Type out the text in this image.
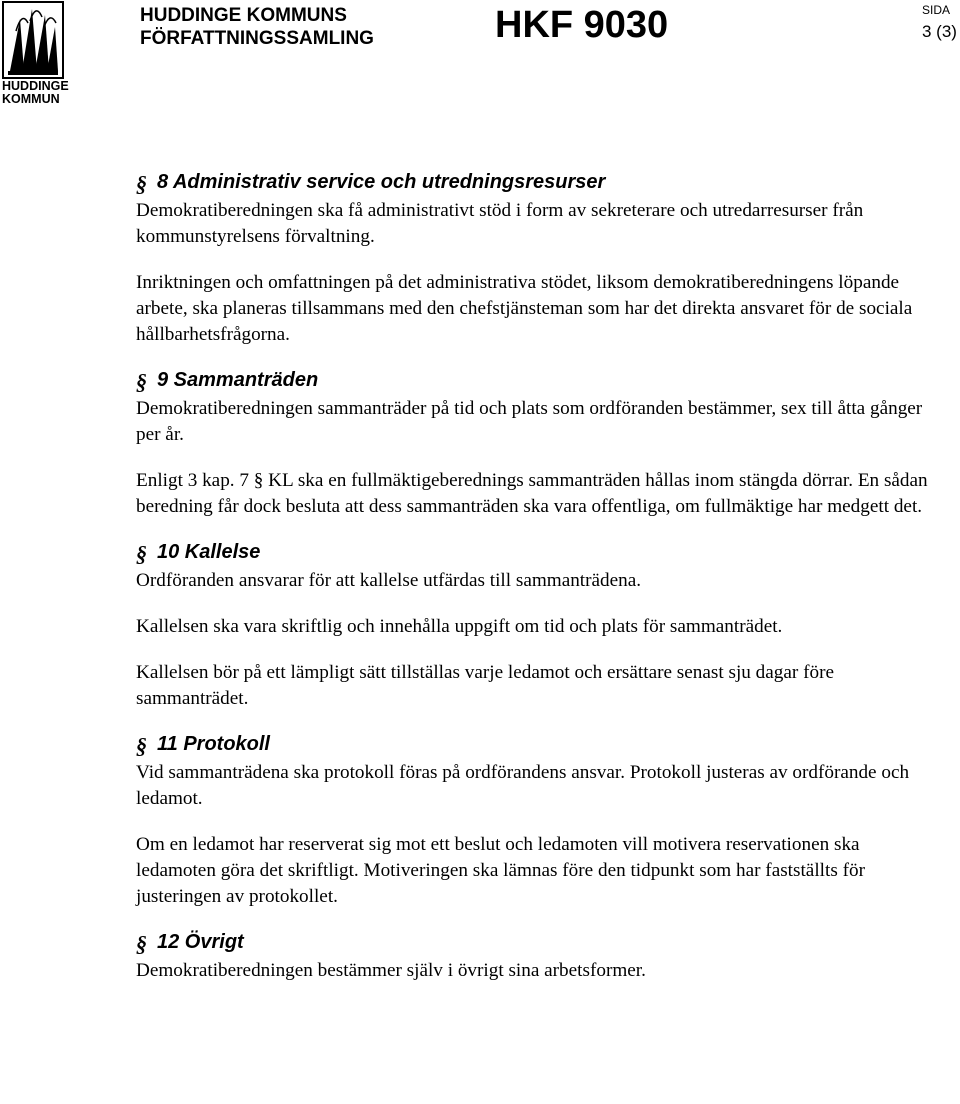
HUDDINGE
KOMMUN
HUDDINGE KOMMUNS
FÖRFATTNINGSSAMLING	HKF 9030	SIDA
3 (3)
§ 8 Administrativ service och utredningsresurser

Demokratiberedningen ska få administrativt stöd i form av sekreterare och utredarresurser från kommunstyrelsens förvaltning.

Inriktningen och omfattningen på det administrativa stödet, liksom demokratiberedningens löpande arbete, ska planeras tillsammans med den chefstjänsteman som har det direkta ansvaret för de sociala hållbarhetsfrågorna.

§ 9 Sammanträden

Demokratiberedningen sammanträder på tid och plats som ordföranden bestämmer, sex till åtta gånger per år.

Enligt 3 kap. 7 § KL ska en fullmäktigeberednings sammanträden hållas inom stängda dörrar. En sådan beredning får dock besluta att dess sammanträden ska vara offentliga, om fullmäktige har medgett det.

§ 10 Kallelse

Ordföranden ansvarar för att kallelse utfärdas till sammanträdena.

Kallelsen ska vara skriftlig och innehålla uppgift om tid och plats för sammanträdet.

Kallelsen bör på ett lämpligt sätt tillställas varje ledamot och ersättare senast sju dagar före sammanträdet.

§ 11 Protokoll

Vid sammanträdena ska protokoll föras på ordförandens ansvar. Protokoll justeras av ordförande och ledamot.

Om en ledamot har reserverat sig mot ett beslut och ledamoten vill motivera reservationen ska ledamoten göra det skriftligt. Motiveringen ska lämnas före den tidpunkt som har fastställts för justeringen av protokollet.

§ 12 Övrigt

Demokratiberedningen bestämmer själv i övrigt sina arbetsformer.
